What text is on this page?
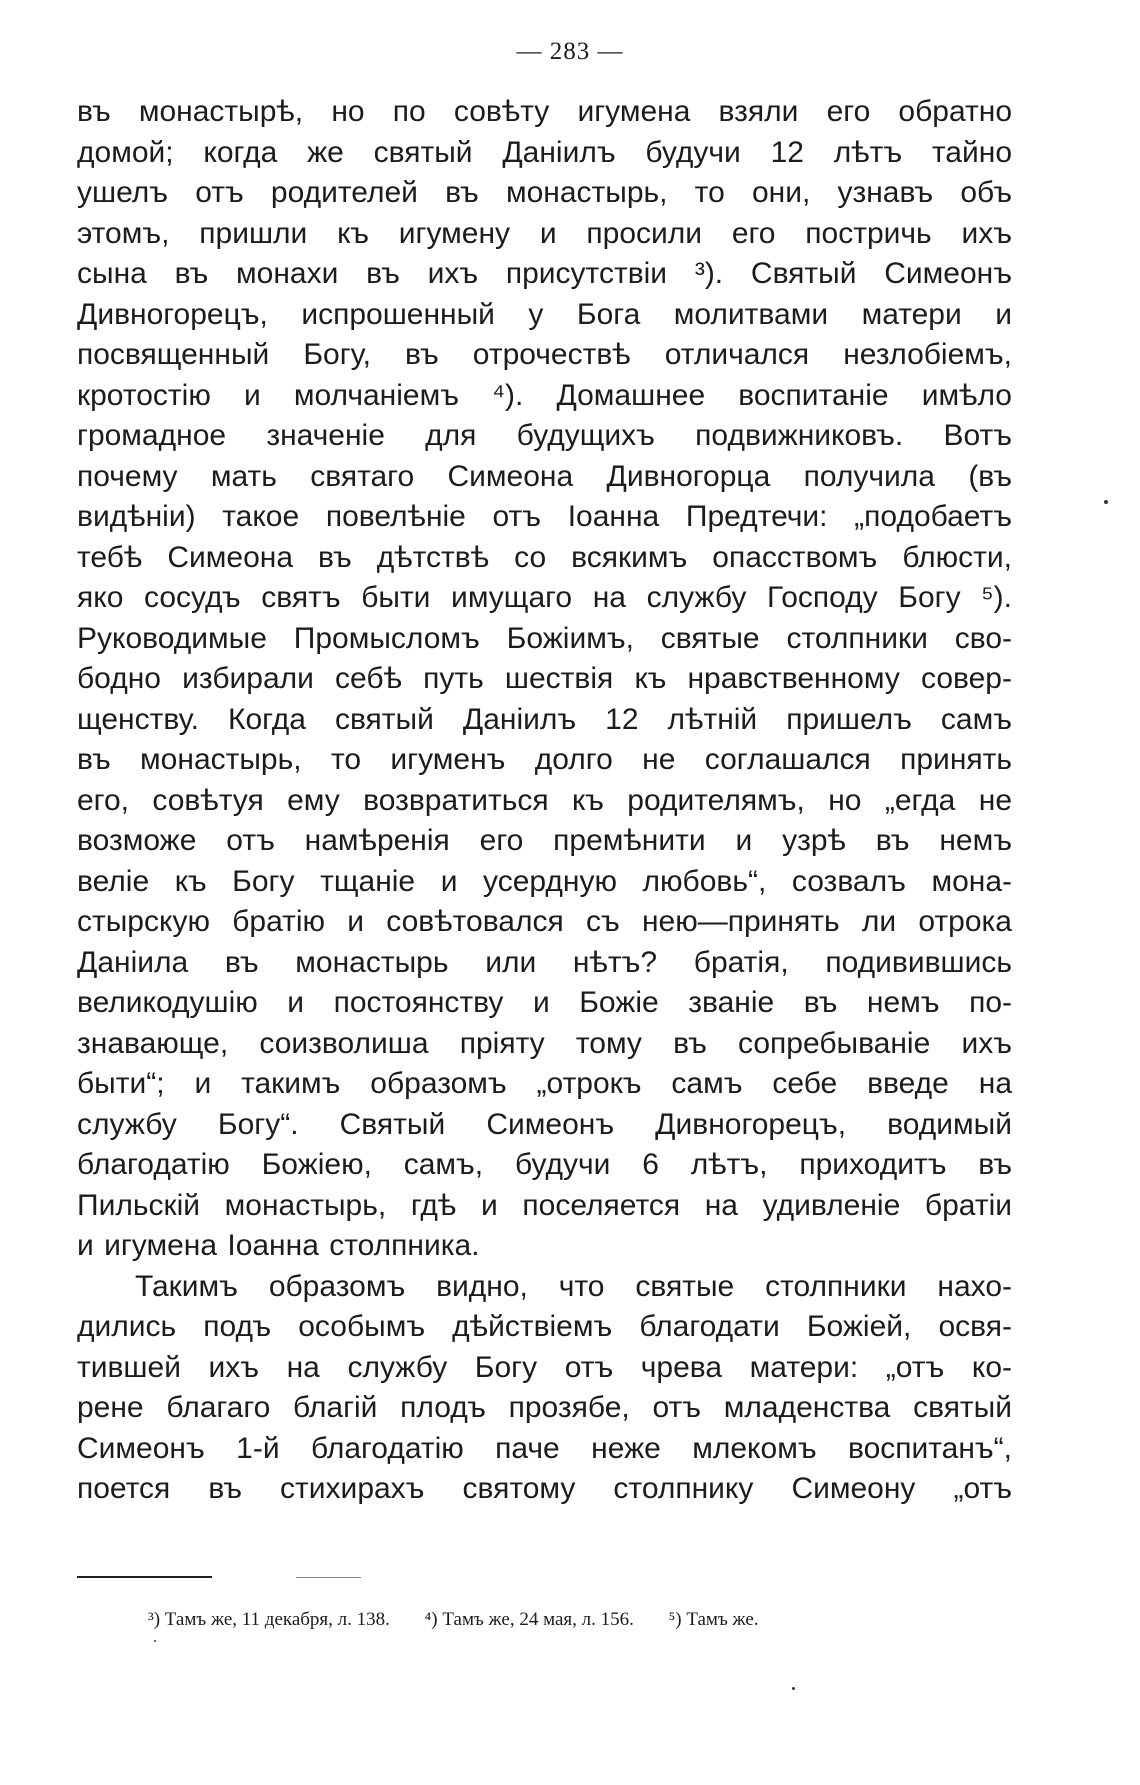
— 283 —
въ монастырѣ, но по совѣту игумена взяли его обратно
домой; когда же святый Даніилъ будучи 12 лѣтъ тайно
ушелъ отъ родителей въ монастырь, то они, узнавъ объ
этомъ, пришли къ игумену и просили его постричь ихъ
сына въ монахи въ ихъ присутствіи ³). Святый Симеонъ
Дивногорецъ, испрошенный у Бога молитвами матери и
посвященный Богу, въ отрочествѣ отличался незлобіемъ,
кротостію и молчаніемъ ⁴). Домашнее воспитаніе имѣло
громадное значеніе для будущихъ подвижниковъ. Вотъ
почему мать святаго Симеона Дивногорца получила (въ
видѣніи) такое повелѣніе отъ Іоанна Предтечи: „подобаетъ
тебѣ Симеона въ дѣтствѣ со всякимъ опасствомъ блюсти,
яко сосудъ святъ быти имущаго на службу Господу Богу ⁵).
Руководимые Промысломъ Божіимъ, святые столпники сво-
бодно избирали себѣ путь шествія къ нравственному совер-
щенству. Когда святый Даніилъ 12 лѣтній пришелъ самъ
въ монастырь, то игуменъ долго не соглашался принять
его, совѣтуя ему возвратиться къ родителямъ, но „егда не
возможе отъ намѣренія его премѣнити и узрѣ въ немъ
веліе къ Богу тщаніе и усердную любовь“, созвалъ мона-
стырскую братію и совѣтовался съ нею—принять ли отрока
Даніила въ монастырь или нѣтъ? братія, подивившись
великодушію и постоянству и Божіе званіе въ немъ по-
знавающе, соизволиша пріяту тому въ сопребываніе ихъ
быти“; и такимъ образомъ „отрокъ самъ себе введе на
службу Богу“. Святый Симеонъ Дивногорецъ, водимый
благодатію Божіею, самъ, будучи 6 лѣтъ, приходитъ въ
Пильскій монастырь, гдѣ и поселяется на удивленіе братіи
и игумена Іоанна столпника.
Такимъ образомъ видно, что святые столпники нахо-
дились подъ особымъ дѣйствіемъ благодати Божіей, освя-
тившей ихъ на службу Богу отъ чрева матери: „отъ ко-
рене благаго благій плодъ прозябе, отъ младенства святый
Симеонъ 1-й благодатію паче неже млекомъ воспитанъ“,
поется въ стихирахъ святому столпнику Симеону „отъ
³) Тамъ же, 11 декабря, л. 138. ⁴) Тамъ же, 24 мая, л. 156. ⁵) Тамъ же.
